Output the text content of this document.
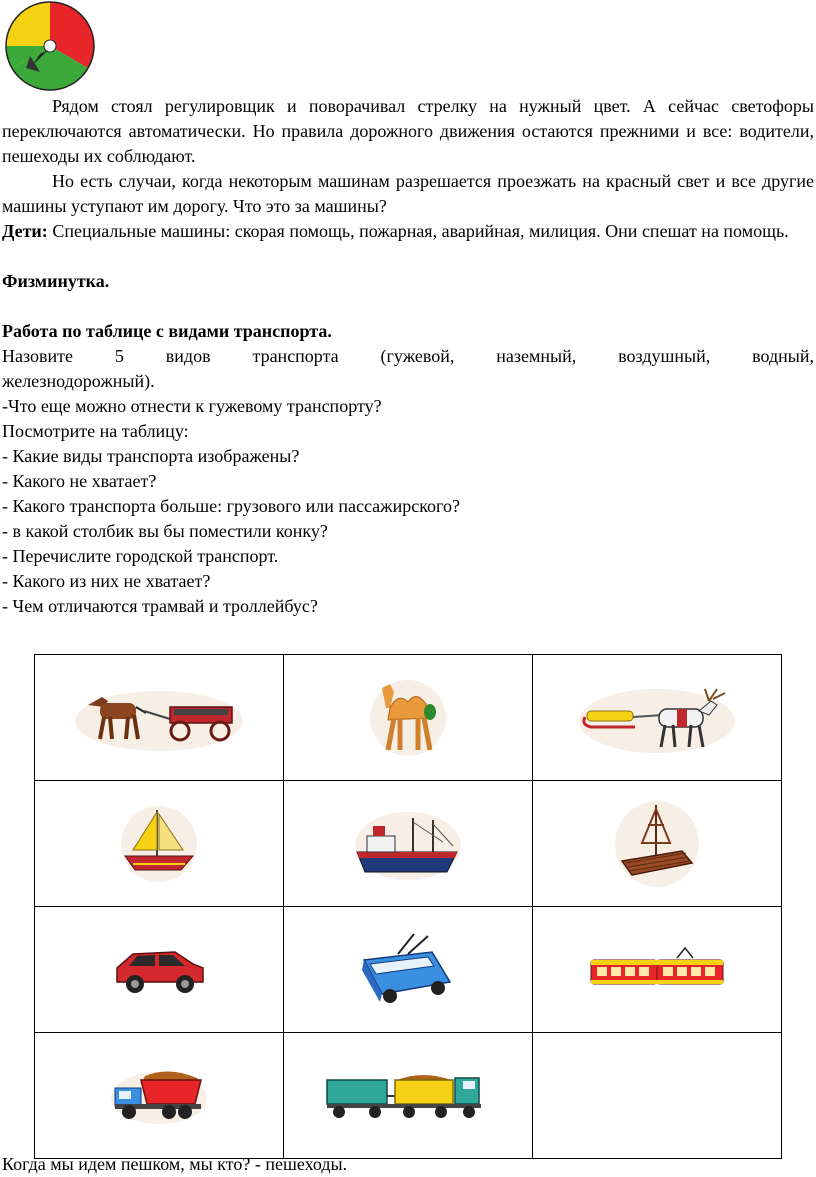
Рядом стоял регулировщик и поворачивал стрелку на нужный цвет. А сейчас светофоры переключаются автоматически. Но правила дорожного движения остаются прежними и все: водители, пешеходы их соблюдают.

Но есть случаи, когда некоторым машинам разрешается проезжать на красный свет и все другие машины уступают им дорогу. Что это за машины?

Дети: Специальные машины: скорая помощь, пожарная, аварийная, милиция. Они спешат на помощь.

Физминутка.

Работа по таблице с видами транспорта.

Назовите 5 видов транспорта (гужевой, наземный, воздушный, водный,

железнодорожный).

-Что еще можно отнести к гужевому транспорту?

Посмотрите на таблицу:

- Какие виды транспорта изображены?

- Какого не хватает?

- Какого транспорта больше: грузового или пассажирского?

- в какой столбик вы бы поместили конку?

- Перечислите городской транспорт.

- Какого из них не хватает?

- Чем отличаются трамвай и троллейбус?

Когда мы идем пешком, мы кто? - пешеходы.
